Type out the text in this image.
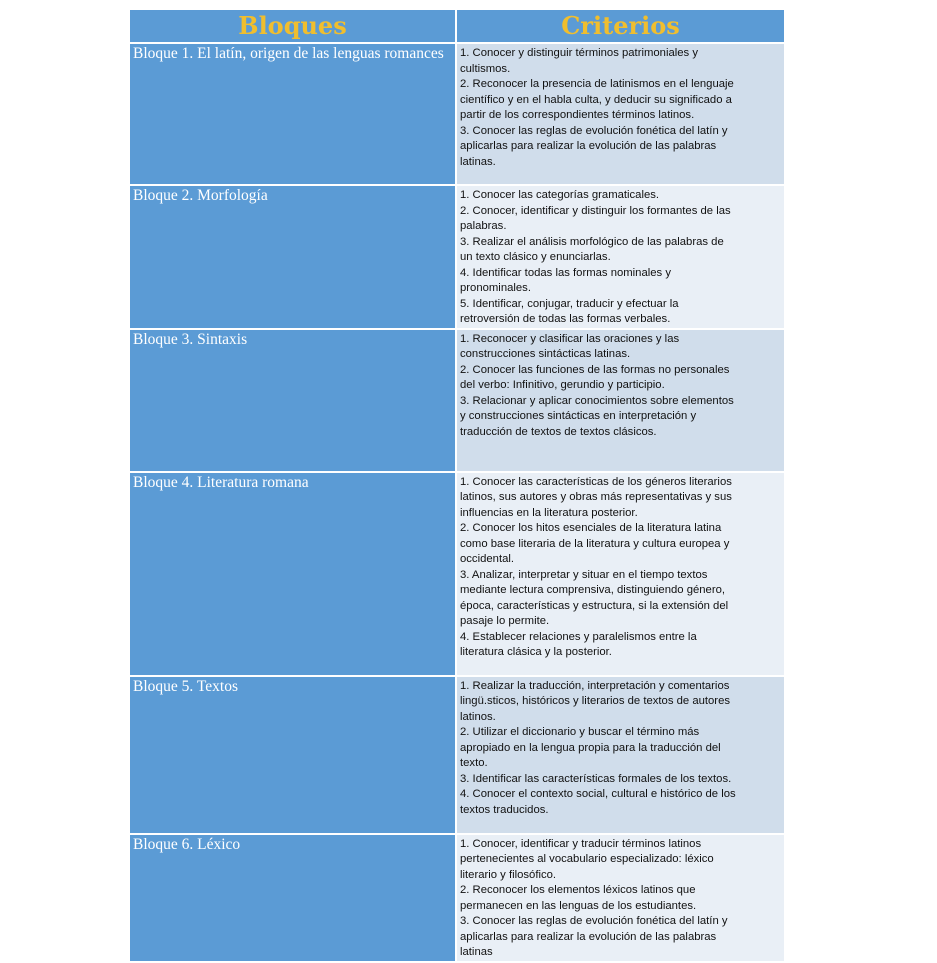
Bloques	Criterios
Bloque 1. El latín, origen de las lenguas romances	1. Conocer y distinguir términos patrimoniales y cultismos.
2. Reconocer la presencia de latinismos en el lenguaje científico y en el habla culta, y deducir su significado a partir de los correspondientes términos latinos.
3. Conocer las reglas de evolución fonética del latín y aplicarlas para realizar la evolución de las palabras latinas.

Bloque 2. Morfología	1. Conocer las categorías gramaticales.
2. Conocer, identificar y distinguir los formantes de las palabras.
3. Realizar el análisis morfológico de las palabras de un texto clásico y enunciarlas.
4. Identificar todas las formas nominales y pronominales.
5. Identificar, conjugar, traducir y efectuar la retroversión de todas las formas verbales.

Bloque 3. Sintaxis	1. Reconocer y clasificar las oraciones y las construcciones sintácticas latinas.
2. Conocer las funciones de las formas no personales del verbo: Infinitivo, gerundio y participio.
3. Relacionar y aplicar conocimientos sobre elementos y construcciones sintácticas en interpretación y traducción de textos de textos clásicos.

Bloque 4. Literatura romana	1. Conocer las características de los géneros literarios latinos, sus autores y obras más representativas y sus influencias en la literatura posterior.
2. Conocer los hitos esenciales de la literatura latina como base literaria de la literatura y cultura europea y occidental.
3. Analizar, interpretar y situar en el tiempo textos mediante lectura comprensiva, distinguiendo género, época, características y estructura, si la extensión del pasaje lo permite.
4. Establecer relaciones y paralelismos entre la literatura clásica y la posterior.

Bloque 5. Textos	1. Realizar la traducción, interpretación y comentarios lingü.sticos, históricos y literarios de textos de autores latinos.
2. Utilizar el diccionario y buscar el término más apropiado en la lengua propia para la traducción del texto.
3. Identificar las características formales de los textos.
4. Conocer el contexto social, cultural e histórico de los textos traducidos.

Bloque 6. Léxico	1. Conocer, identificar y traducir términos latinos pertenecientes al vocabulario especializado: léxico literario y filosófico.
2. Reconocer los elementos léxicos latinos que permanecen en las lenguas de los estudiantes.
3. Conocer las reglas de evolución fonética del latín y aplicarlas para realizar la evolución de las palabras latinas
